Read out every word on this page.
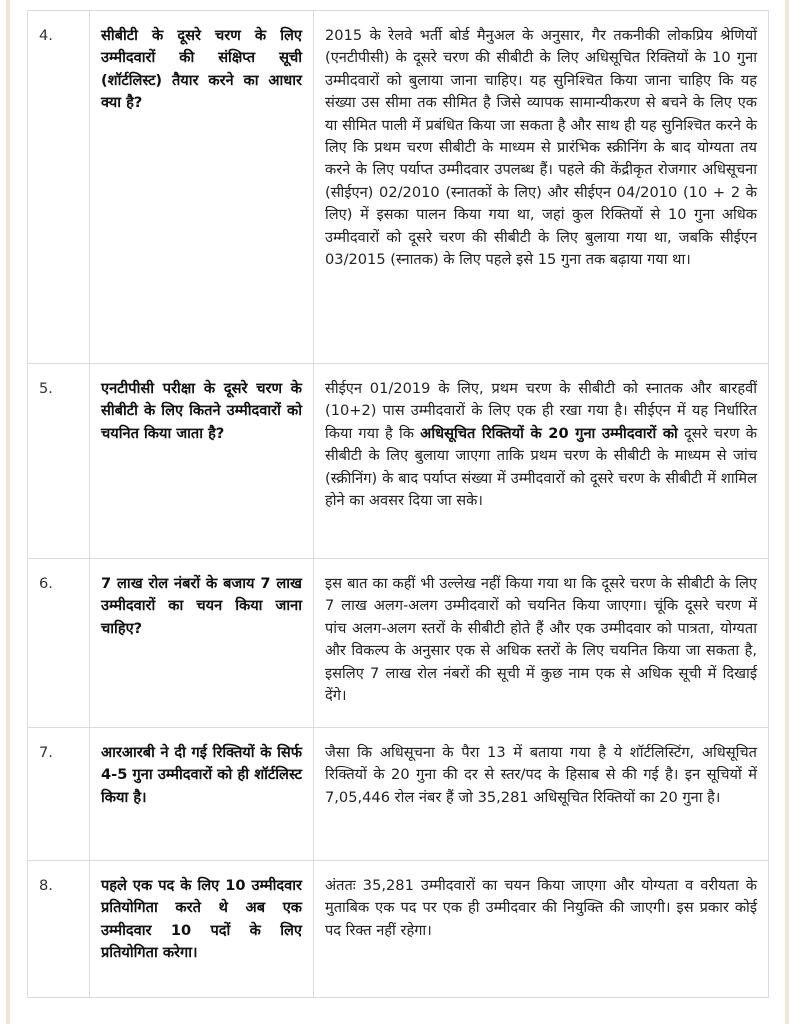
4.	सीबीटी के दूसरे चरण के लिए उम्मीदवारों की संक्षिप्त सूची (शॉर्टलिस्ट) तैयार करने का आधार क्या है?	2015 के रेलवे भर्ती बोर्ड मैनुअल के अनुसार, गैर तकनीकी लोकप्रिय श्रेणियों (एनटीपीसी) के दूसरे चरण की सीबीटी के लिए अधिसूचित रिक्तियों के 10 गुना उम्मीदवारों को बुलाया जाना चाहिए। यह सुनिश्चित किया जाना चाहिए कि यह संख्या उस सीमा तक सीमित है जिसे व्यापक सामान्यीकरण से बचने के लिए एक या सीमित पाली में प्रबंधित किया जा सकता है और साथ ही यह सुनिश्चित करने के लिए कि प्रथम चरण सीबीटी के माध्यम से प्रारंभिक स्क्रीनिंग के बाद योग्यता तय करने के लिए पर्याप्त उम्मीदवार उपलब्ध हैं। पहले की केंद्रीकृत रोजगार अधिसूचना (सीईएन) 02/2010 (स्नातकों के लिए) और सीईएन 04/2010 (10 + 2 के लिए) में इसका पालन किया गया था, जहां कुल रिक्तियों से 10 गुना अधिक उम्मीदवारों को दूसरे चरण की सीबीटी के लिए बुलाया गया था, जबकि सीईएन 03/2015 (स्नातक) के लिए पहले इसे 15 गुना तक बढ़ाया गया था।
5.	एनटीपीसी परीक्षा के दूसरे चरण के सीबीटी के लिए कितने उम्मीदवारों को चयनित किया जाता है?	सीईएन 01/2019 के लिए, प्रथम चरण के सीबीटी को स्नातक और बारहवीं (10+2) पास उम्मीदवारों के लिए एक ही रखा गया है। सीईएन में यह निर्धारित किया गया है कि अधिसूचित रिक्तियों के 20 गुना उम्मीदवारों को दूसरे चरण के सीबीटी के लिए बुलाया जाएगा ताकि प्रथम चरण के सीबीटी के माध्यम से जांच (स्क्रीनिंग) के बाद पर्याप्त संख्या में उम्मीदवारों को दूसरे चरण के सीबीटी में शामिल होने का अवसर दिया जा सके।
6.	7 लाख रोल नंबरों के बजाय 7 लाख उम्मीदवारों का चयन किया जाना चाहिए?	इस बात का कहीं भी उल्लेख नहीं किया गया था कि दूसरे चरण के सीबीटी के लिए 7 लाख अलग-अलग उम्मीदवारों को चयनित किया जाएगा। चूंकि दूसरे चरण में पांच अलग-अलग स्तरों के सीबीटी होते हैं और एक उम्मीदवार को पात्रता, योग्यता और विकल्प के अनुसार एक से अधिक स्तरों के लिए चयनित किया जा सकता है, इसलिए 7 लाख रोल नंबरों की सूची में कुछ नाम एक से अधिक सूची में दिखाई देंगे।
7.	आरआरबी ने दी गई रिक्तियों के सिर्फ 4-5 गुना उम्मीदवारों को ही शॉर्टलिस्ट किया है।	जैसा कि अधिसूचना के पैरा 13 में बताया गया है ये शॉर्टलिस्टिंग, अधिसूचित रिक्तियों के 20 गुना की दर से स्तर/पद के हिसाब से की गई है। इन सूचियों में 7,05,446 रोल नंबर हैं जो 35,281 अधिसूचित रिक्तियों का 20 गुना है।
8.	पहले एक पद के लिए 10 उम्मीदवार प्रतियोगिता करते थे अब एक उम्मीदवार 10 पदों के लिए प्रतियोगिता करेगा।	अंततः 35,281 उम्मीदवारों का चयन किया जाएगा और योग्यता व वरीयता के मुताबिक एक पद पर एक ही उम्मीदवार की नियुक्ति की जाएगी। इस प्रकार कोई पद रिक्त नहीं रहेगा।
